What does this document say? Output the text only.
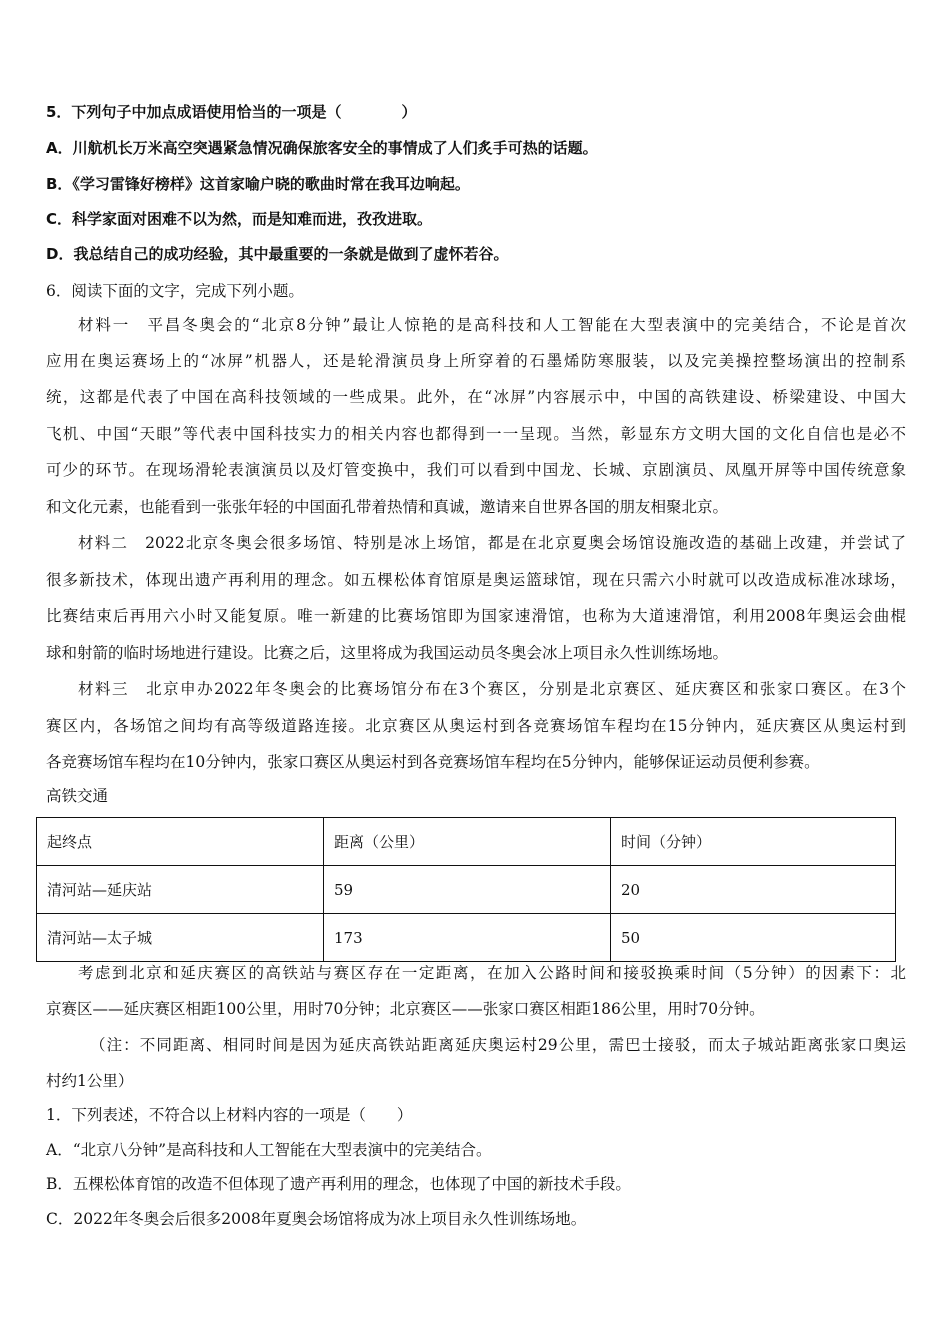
5．下列句子中加点成语使用恰当的一项是（　　　　）
A．川航机长万米高空突遇紧急情况确保旅客安全的事情成了人们炙手可热的话题。
B．《学习雷锋好榜样》这首家喻户晓的歌曲时常在我耳边响起。
C．科学家面对困难不以为然，而是知难而进，孜孜进取。
D．我总结自己的成功经验，其中最重要的一条就是做到了虚怀若谷。
6．阅读下面的文字，完成下列小题。
材料一　平昌冬奥会的“北京8分钟”最让人惊艳的是高科技和人工智能在大型表演中的完美结合，不论是首次
应用在奥运赛场上的“冰屏”机器人，还是轮滑演员身上所穿着的石墨烯防寒服装，以及完美操控整场演出的控制系
统，这都是代表了中国在高科技领域的一些成果。此外，在“冰屏”内容展示中，中国的高铁建设、桥梁建设、中国大
飞机、中国“天眼”等代表中国科技实力的相关内容也都得到一一呈现。当然，彰显东方文明大国的文化自信也是必不
可少的环节。在现场滑轮表演演员以及灯管变换中，我们可以看到中国龙、长城、京剧演员、凤凰开屏等中国传统意象
和文化元素，也能看到一张张年轻的中国面孔带着热情和真诚，邀请来自世界各国的朋友相聚北京。
材料二　2022北京冬奥会很多场馆、特别是冰上场馆，都是在北京夏奥会场馆设施改造的基础上改建，并尝试了
很多新技术，体现出遗产再利用的理念。如五棵松体育馆原是奥运篮球馆，现在只需六小时就可以改造成标准冰球场，
比赛结束后再用六小时又能复原。唯一新建的比赛场馆即为国家速滑馆，也称为大道速滑馆，利用2008年奥运会曲棍
球和射箭的临时场地进行建设。比赛之后，这里将成为我国运动员冬奥会冰上项目永久性训练场地。
材料三　北京申办2022年冬奥会的比赛场馆分布在3个赛区，分别是北京赛区、延庆赛区和张家口赛区。在3个
赛区内，各场馆之间均有高等级道路连接。北京赛区从奥运村到各竞赛场馆车程均在15分钟内，延庆赛区从奥运村到
各竞赛场馆车程均在10分钟内，张家口赛区从奥运村到各竞赛场馆车程均在5分钟内，能够保证运动员便利参赛。
高铁交通
起终点	距离（公里）	时间（分钟）
清河站—延庆站	59	20
清河站—太子城	173	50
考虑到北京和延庆赛区的高铁站与赛区存在一定距离，在加入公路时间和接驳换乘时间（5分钟）的因素下：北
京赛区——延庆赛区相距100公里，用时70分钟；北京赛区——张家口赛区相距186公里，用时70分钟。
（注：不同距离、相同时间是因为延庆高铁站距离延庆奥运村29公里，需巴士接驳，而太子城站距离张家口奥运
村约1公里）
1．下列表述，不符合以上材料内容的一项是（　　）
A．“北京八分钟”是高科技和人工智能在大型表演中的完美结合。
B．五棵松体育馆的改造不但体现了遗产再利用的理念，也体现了中国的新技术手段。
C．2022年冬奥会后很多2008年夏奥会场馆将成为冰上项目永久性训练场地。
